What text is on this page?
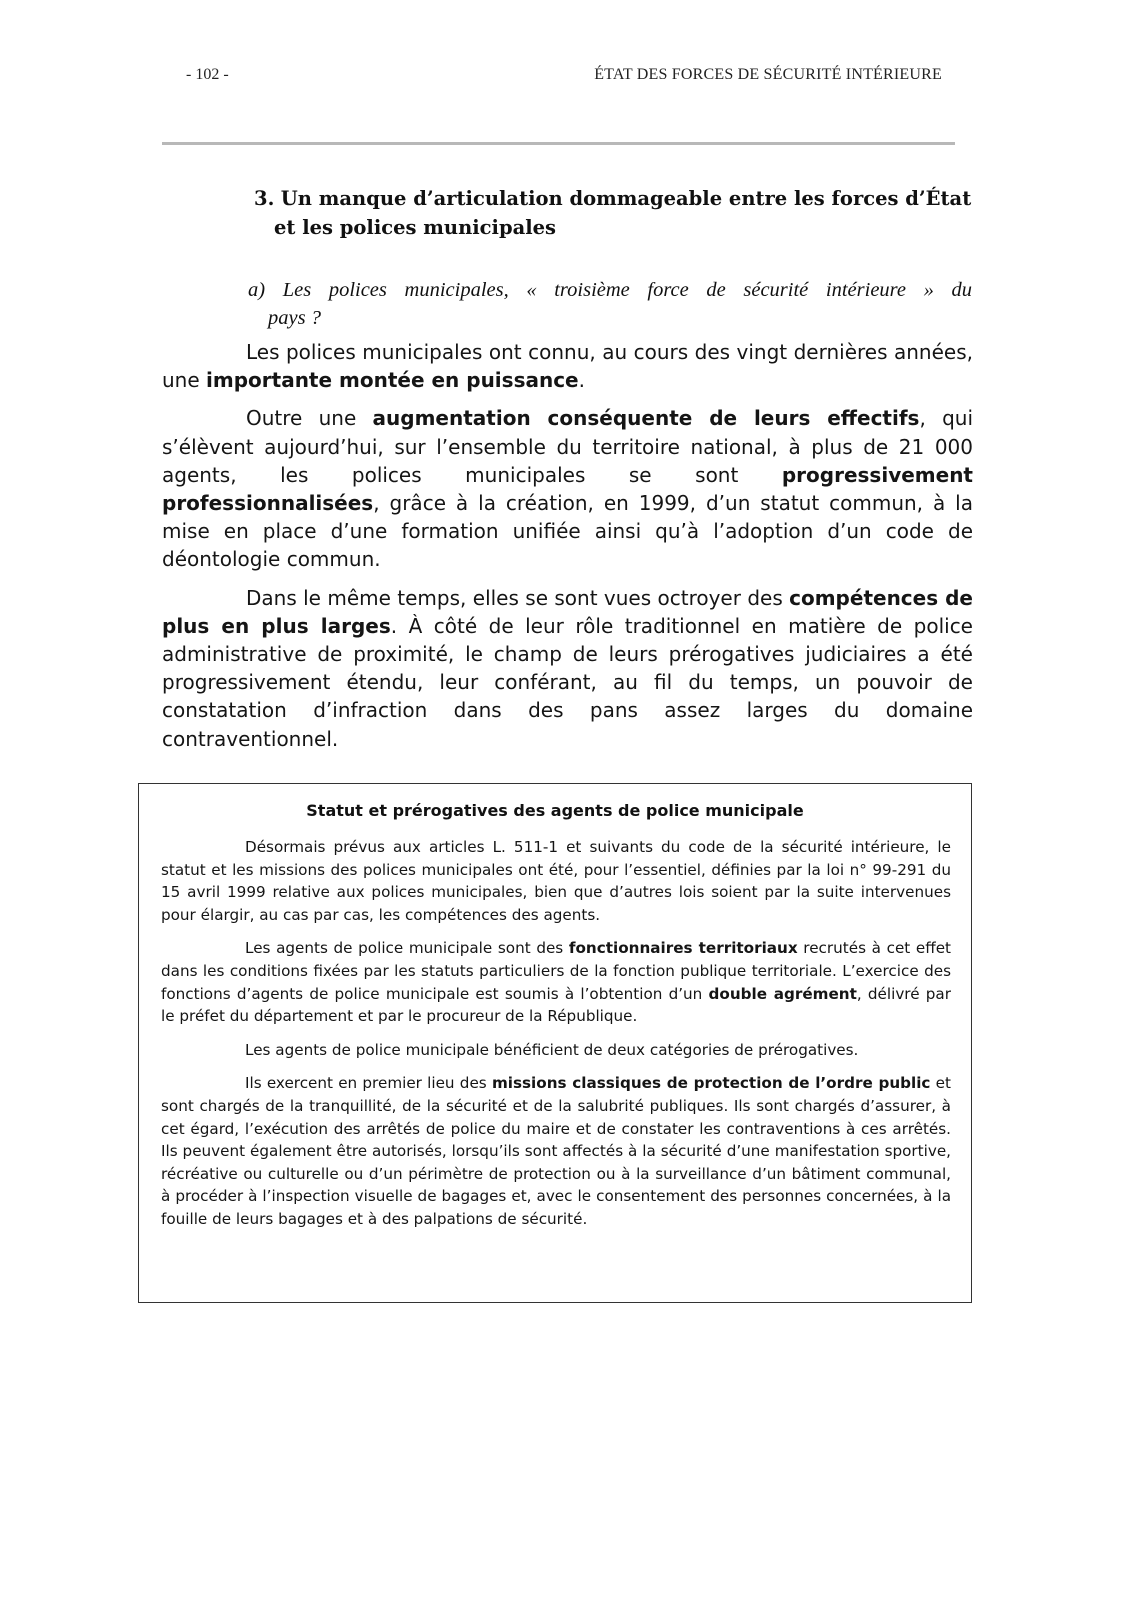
- 102 -	ÉTAT DES FORCES DE SÉCURITÉ INTÉRIEURE
3. Un manque d’articulation dommageable entre les forces d’État
et les polices municipales
a) Les polices municipales, « troisième force de sécurité intérieure » du
pays ?

Les polices municipales ont connu, au cours des vingt dernières années, une importante montée en puissance.

Outre une augmentation conséquente de leurs effectifs, qui s’élèvent aujourd’hui, sur l’ensemble du territoire national, à plus de 21 000 agents, les polices municipales se sont progressivement professionnalisées, grâce à la création, en 1999, d’un statut commun, à la mise en place d’une formation unifiée ainsi qu’à l’adoption d’un code de déontologie commun.

Dans le même temps, elles se sont vues octroyer des compétences de plus en plus larges. À côté de leur rôle traditionnel en matière de police administrative de proximité, le champ de leurs prérogatives judiciaires a été progressivement étendu, leur conférant, au fil du temps, un pouvoir de constatation d’infraction dans des pans assez larges du domaine contraventionnel.

Statut et prérogatives des agents de police municipale

Désormais prévus aux articles L. 511-1 et suivants du code de la sécurité intérieure, le statut et les missions des polices municipales ont été, pour l’essentiel, définies par la loi n° 99-291 du 15 avril 1999 relative aux polices municipales, bien que d’autres lois soient par la suite intervenues pour élargir, au cas par cas, les compétences des agents.

Les agents de police municipale sont des fonctionnaires territoriaux recrutés à cet effet dans les conditions fixées par les statuts particuliers de la fonction publique territoriale. L’exercice des fonctions d’agents de police municipale est soumis à l’obtention d’un double agrément, délivré par le préfet du département et par le procureur de la République.

Les agents de police municipale bénéficient de deux catégories de prérogatives.

Ils exercent en premier lieu des missions classiques de protection de l’ordre public et sont chargés de la tranquillité, de la sécurité et de la salubrité publiques. Ils sont chargés d’assurer, à cet égard, l’exécution des arrêtés de police du maire et de constater les contraventions à ces arrêtés. Ils peuvent également être autorisés, lorsqu’ils sont affectés à la sécurité d’une manifestation sportive, récréative ou culturelle ou d’un périmètre de protection ou à la surveillance d’un bâtiment communal, à procéder à l’inspection visuelle de bagages et, avec le consentement des personnes concernées, à la fouille de leurs bagages et à des palpations de sécurité.
